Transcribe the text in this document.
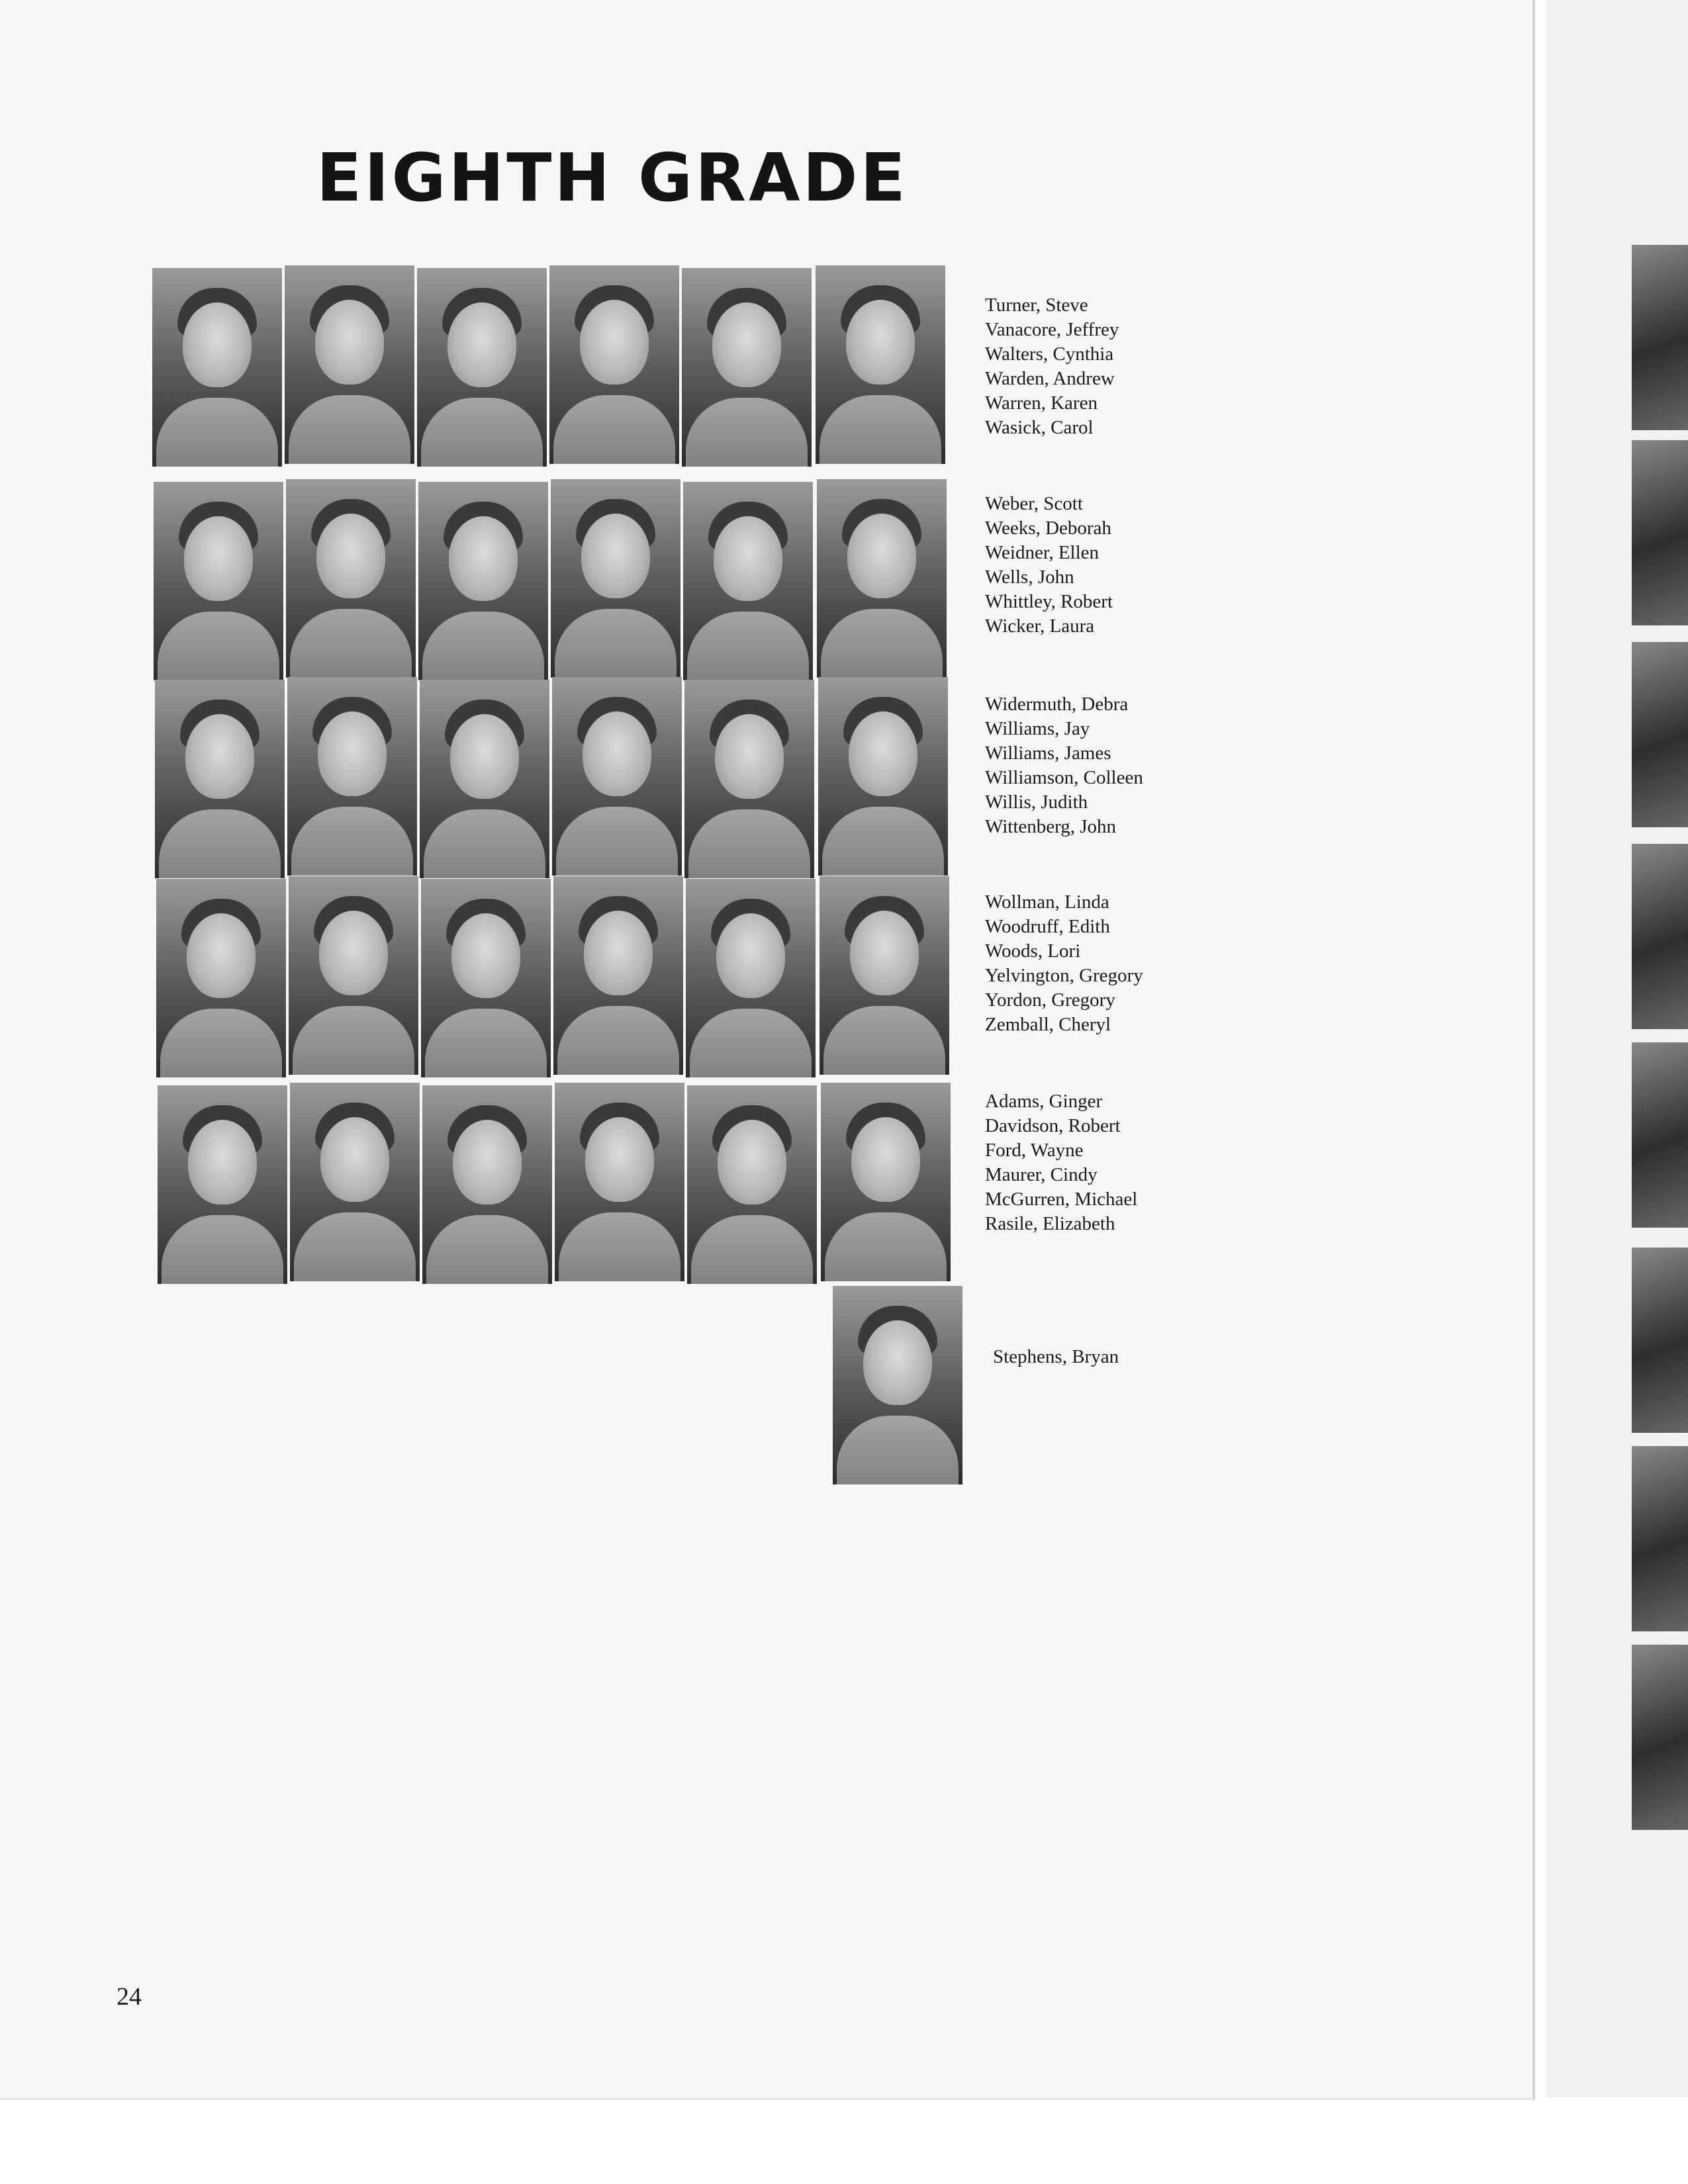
EIGHTH GRADE
Turner, Steve
Vanacore, Jeffrey
Walters, Cynthia
Warden, Andrew
Warren, Karen
Wasick, Carol
Weber, Scott
Weeks, Deborah
Weidner, Ellen
Wells, John
Whittley, Robert
Wicker, Laura
Widermuth, Debra
Williams, Jay
Williams, James
Williamson, Colleen
Willis, Judith
Wittenberg, John
Wollman, Linda
Woodruff, Edith
Woods, Lori
Yelvington, Gregory
Yordon, Gregory
Zemball, Cheryl
Adams, Ginger
Davidson, Robert
Ford, Wayne
Maurer, Cindy
McGurren, Michael
Rasile, Elizabeth
Stephens, Bryan
24
